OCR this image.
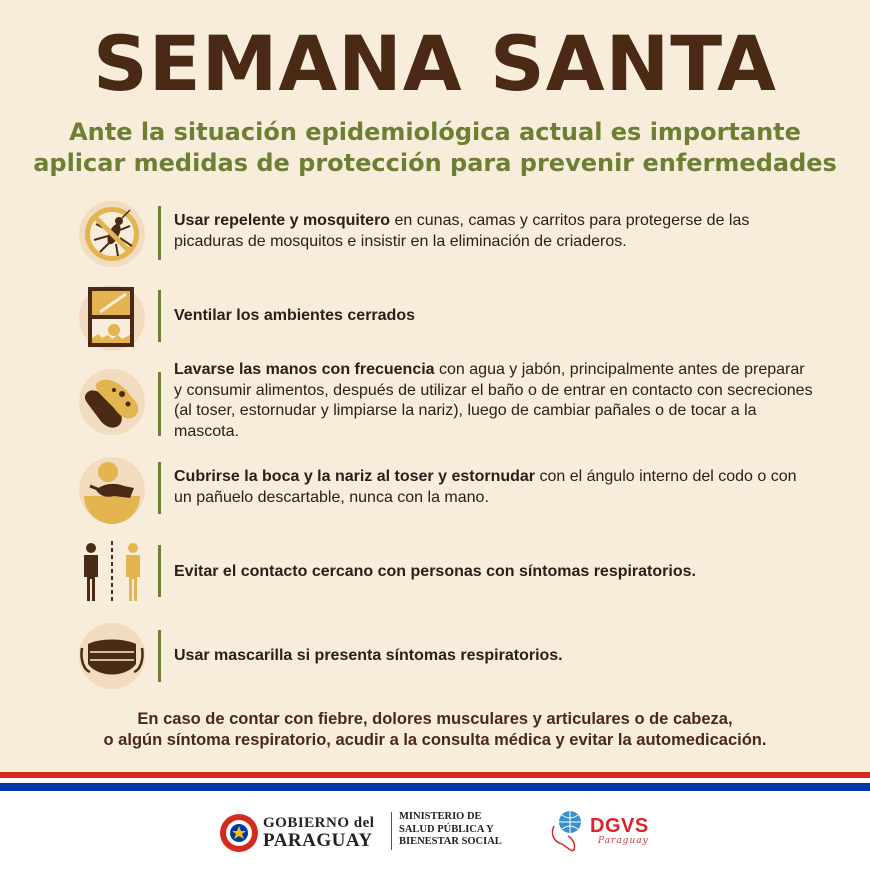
SEMANA SANTA
Ante la situación epidemiológica actual es importante
aplicar medidas de protección para prevenir enfermedades
Usar repelente y mosquitero en cunas, camas y carritos para protegerse de las picaduras de mosquitos e insistir en la eliminación de criaderos.
Ventilar los ambientes cerrados
Lavarse las manos con frecuencia con agua y jabón, principalmente antes de preparar y consumir alimentos, después de utilizar el baño o de entrar en contacto con secreciones (al toser, estornudar y limpiarse la nariz), luego de cambiar pañales o de tocar a la mascota.
Cubrirse la boca y la nariz al toser y estornudar con el ángulo interno del codo o con un pañuelo descartable, nunca con la mano.
Evitar el contacto cercano con personas con síntomas respiratorios.
Usar mascarilla si presenta síntomas respiratorios.
En caso de contar con fiebre, dolores musculares y articulares o de cabeza,
o algún síntoma respiratorio, acudir a la consulta médica y evitar la automedicación.
GOBIERNO del
PARAGUAY
MINISTERIO DE
SALUD PÚBLICA Y
BIENESTAR SOCIAL
DGVS
Paraguay
